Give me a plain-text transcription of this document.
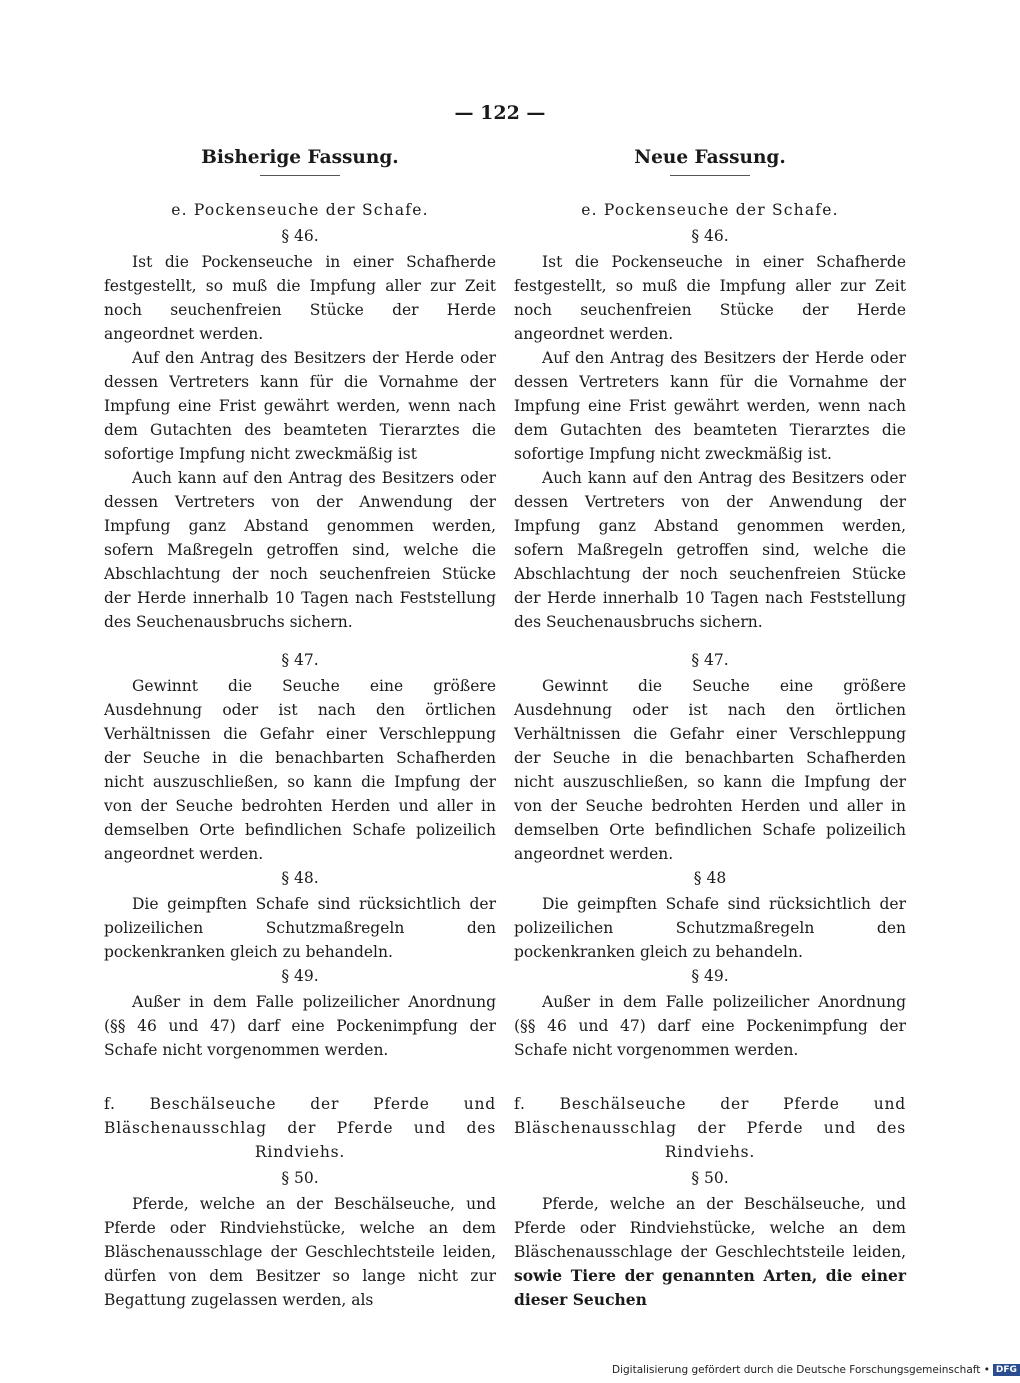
— 122 —
Bisherige Fassung.
e. Pockenseuche der Schafe.
§ 46.

Ist die Pockenseuche in einer Schafherde festgestellt, so muß die Impfung aller zur Zeit noch seuchenfreien Stücke der Herde angeordnet werden.

Auf den Antrag des Besitzers der Herde oder dessen Vertreters kann für die Vornahme der Impfung eine Frist gewährt werden, wenn nach dem Gutachten des beamteten Tierarztes die sofortige Impfung nicht zweckmäßig ist

Auch kann auf den Antrag des Besitzers oder dessen Vertreters von der Anwendung der Impfung ganz Abstand genommen werden, sofern Maßregeln getroffen sind, welche die Abschlachtung der noch seuchenfreien Stücke der Herde innerhalb 10 Tagen nach Feststellung des Seuchenausbruchs sichern.

§ 47.

Gewinnt die Seuche eine größere Ausdehnung oder ist nach den örtlichen Verhältnissen die Gefahr einer Verschleppung der Seuche in die benachbarten Schafherden nicht auszuschließen, so kann die Impfung der von der Seuche bedrohten Herden und aller in demselben Orte befindlichen Schafe polizeilich angeordnet werden.

§ 48.

Die geimpften Schafe sind rücksichtlich der polizeilichen Schutzmaßregeln den pockenkranken gleich zu behandeln.

§ 49.

Außer in dem Falle polizeilicher Anordnung (§§ 46 und 47) darf eine Pockenimpfung der Schafe nicht vorgenommen werden.

f. Beschälseuche der Pferde und Bläschenausschlag der Pferde und des Rindviehs.
§ 50.

Pferde, welche an der Beschälseuche, und Pferde oder Rindviehstücke, welche an dem Bläschenausschlage der Geschlechtsteile leiden, dürfen von dem Besitzer so lange nicht zur Begattung zugelassen werden, als

Neue Fassung.
e. Pockenseuche der Schafe.
§ 46.

Ist die Pockenseuche in einer Schafherde festgestellt, so muß die Impfung aller zur Zeit noch seuchenfreien Stücke der Herde angeordnet werden.

Auf den Antrag des Besitzers der Herde oder dessen Vertreters kann für die Vornahme der Impfung eine Frist gewährt werden, wenn nach dem Gutachten des beamteten Tierarztes die sofortige Impfung nicht zweckmäßig ist.

Auch kann auf den Antrag des Besitzers oder dessen Vertreters von der Anwendung der Impfung ganz Abstand genommen werden, sofern Maßregeln getroffen sind, welche die Abschlachtung der noch seuchenfreien Stücke der Herde innerhalb 10 Tagen nach Feststellung des Seuchenausbruchs sichern.

§ 47.

Gewinnt die Seuche eine größere Ausdehnung oder ist nach den örtlichen Verhältnissen die Gefahr einer Verschleppung der Seuche in die benachbarten Schafherden nicht auszuschließen, so kann die Impfung der von der Seuche bedrohten Herden und aller in demselben Orte befindlichen Schafe polizeilich angeordnet werden.

§ 48

Die geimpften Schafe sind rücksichtlich der polizeilichen Schutzmaßregeln den pockenkranken gleich zu behandeln.

§ 49.

Außer in dem Falle polizeilicher Anordnung (§§ 46 und 47) darf eine Pockenimpfung der Schafe nicht vorgenommen werden.

f. Beschälseuche der Pferde und Bläschenausschlag der Pferde und des Rindviehs.
§ 50.

Pferde, welche an der Beschälseuche, und Pferde oder Rindviehstücke, welche an dem Bläschenausschlage der Geschlechtsteile leiden, sowie Tiere der genannten Arten, die einer dieser Seuchen

Digitalisierung gefördert durch die Deutsche Forschungsgemeinschaft • DFG
